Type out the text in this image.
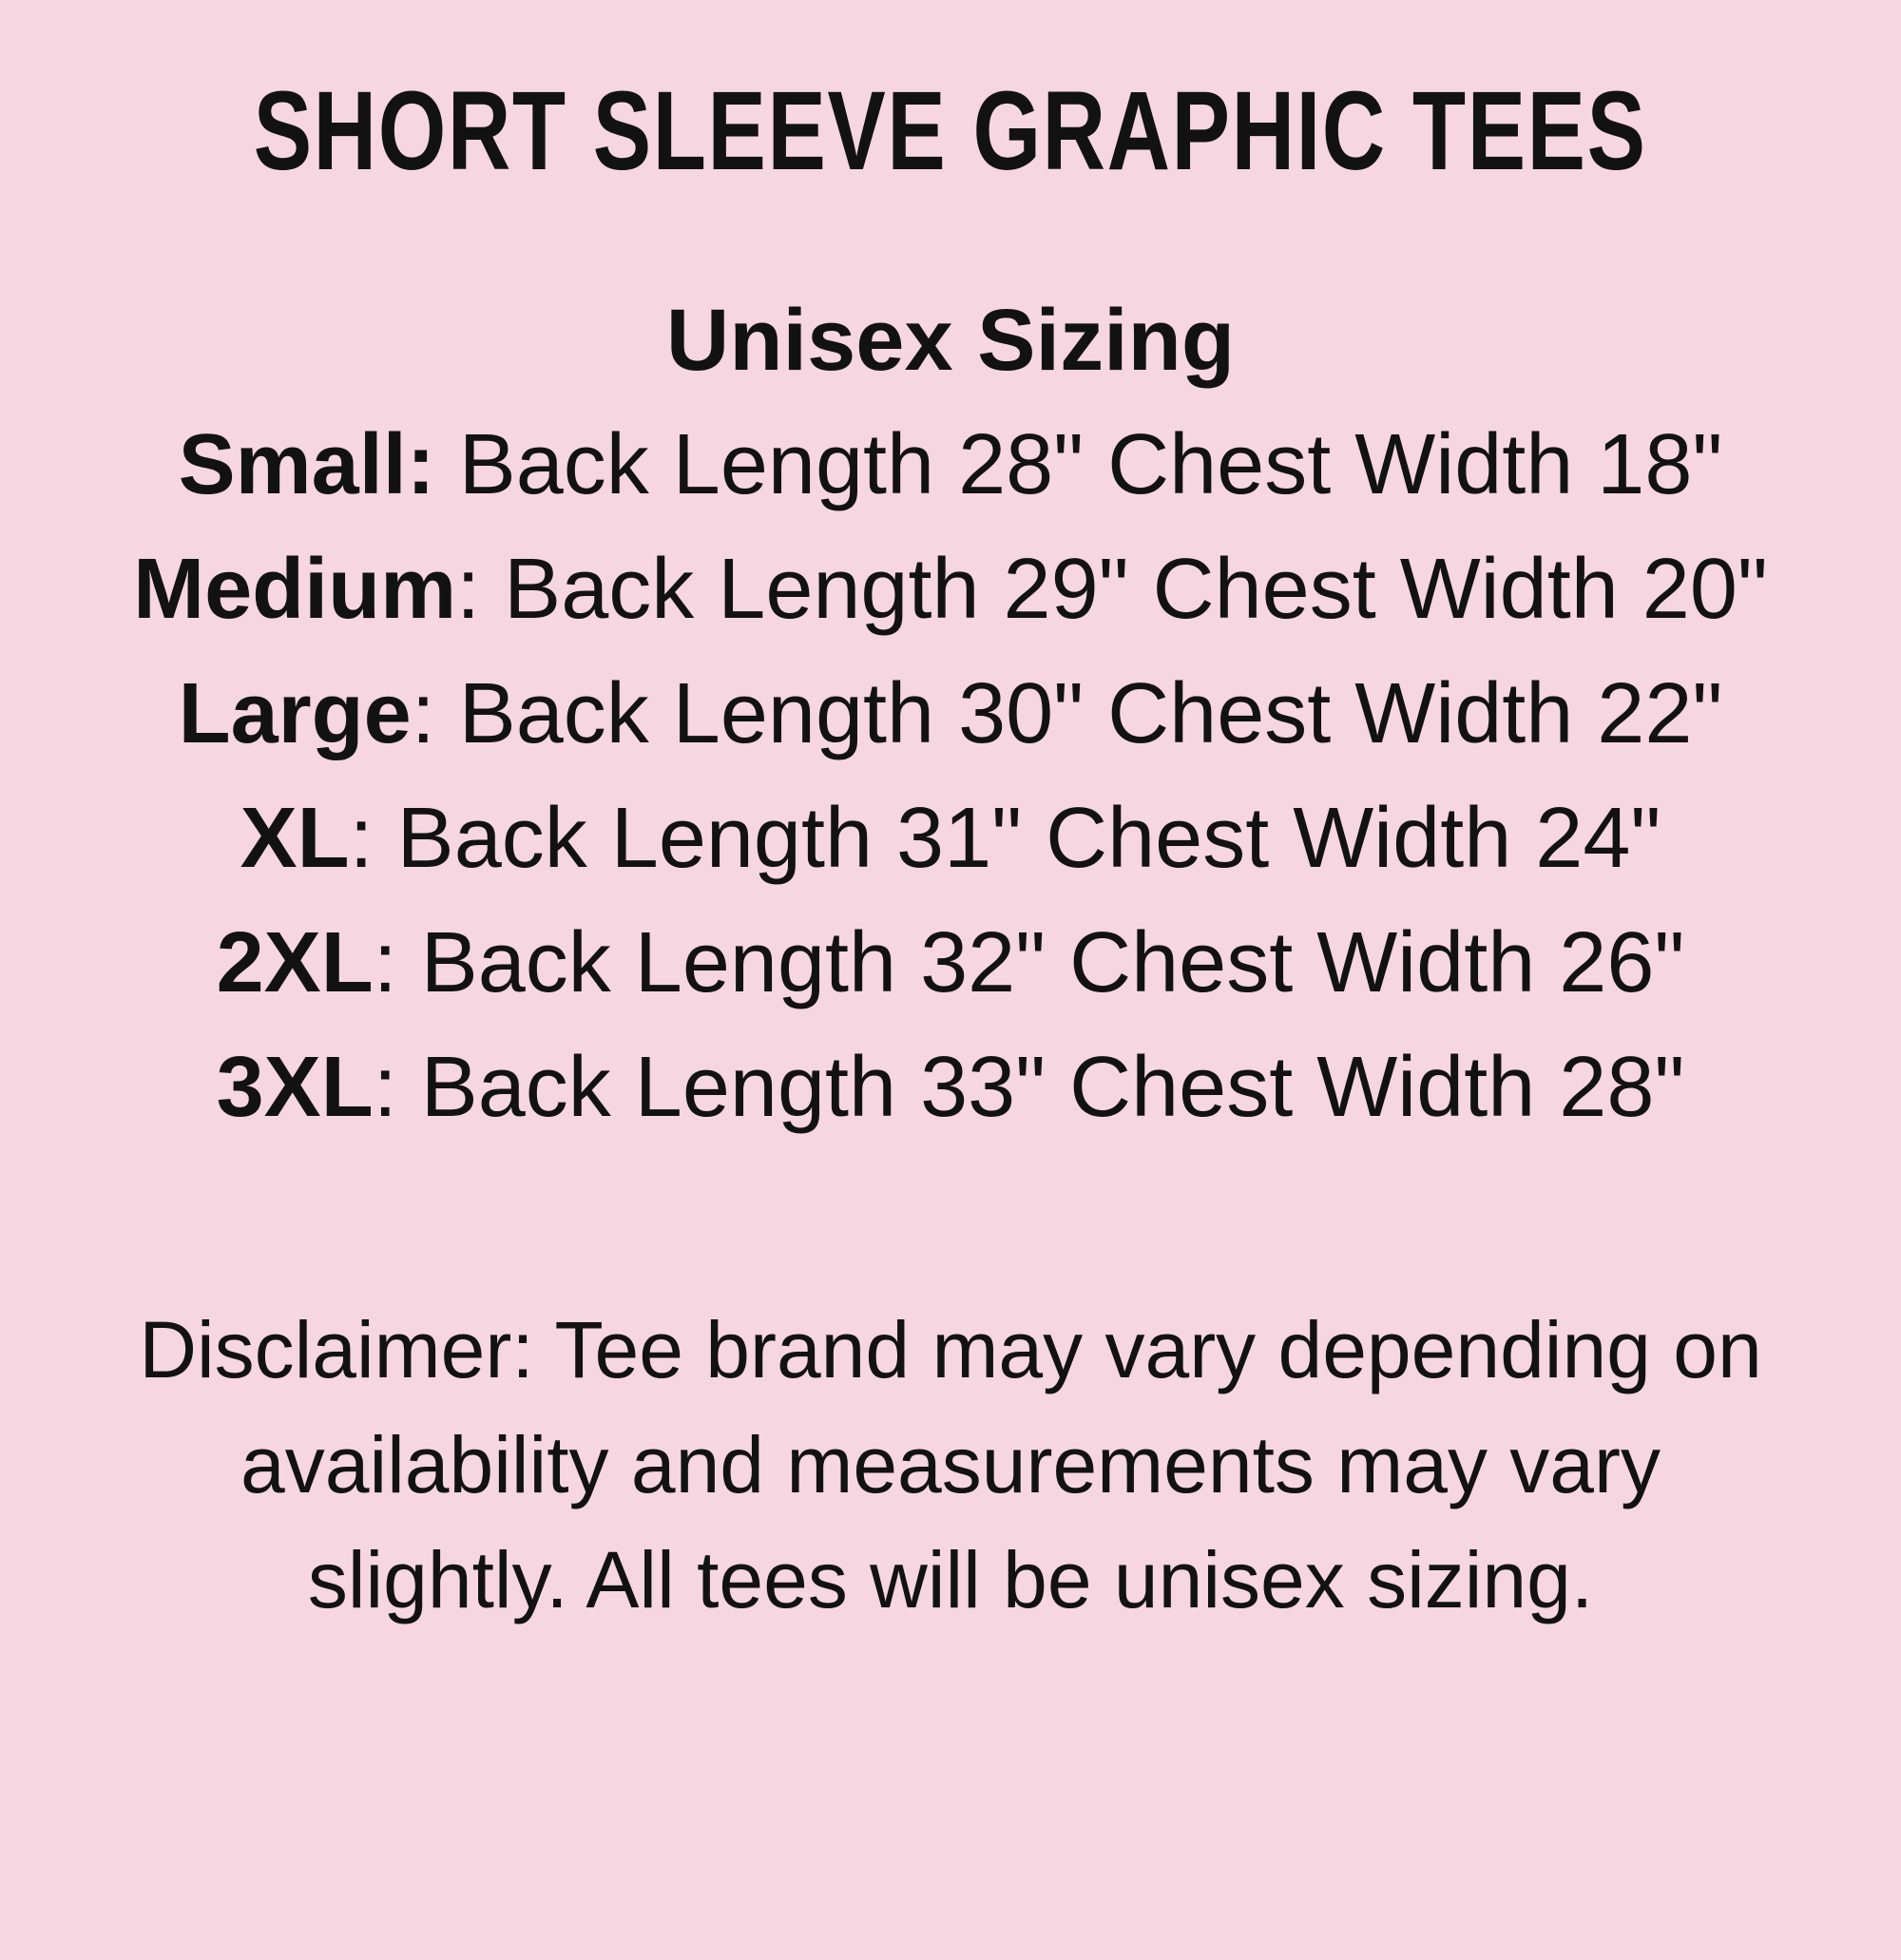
SHORT SLEEVE GRAPHIC TEES
Unisex Sizing
Small: Back Length 28" Chest Width 18"
Medium: Back Length 29" Chest Width 20"
Large: Back Length 30" Chest Width 22"
XL: Back Length 31" Chest Width 24"
2XL: Back Length 32" Chest Width 26"
3XL: Back Length 33" Chest Width 28"
Disclaimer: Tee brand may vary depending on
availability and measurements may vary
slightly. All tees will be unisex sizing.
